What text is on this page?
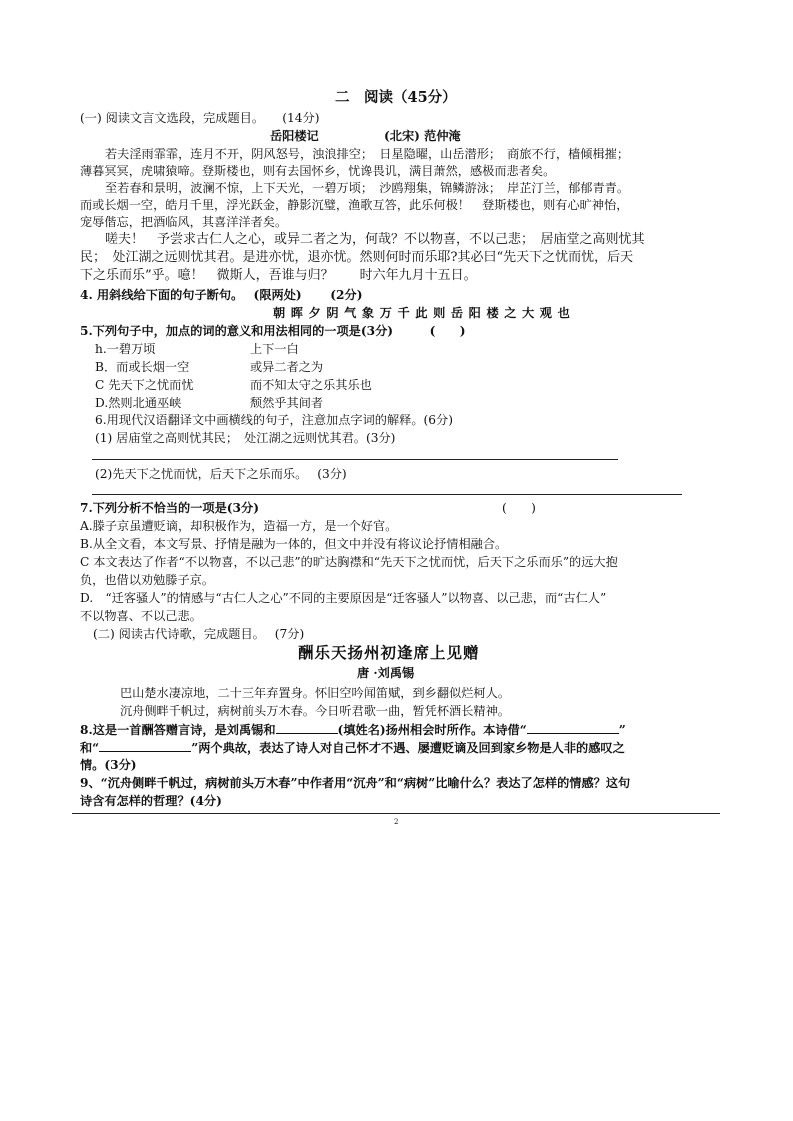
二　阅读（45分）
(一) 阅读文言文选段，完成题目。　　(14分)
岳阳楼记	(北宋) 范仲淹
若夫淫雨霏霏，连月不开，阴风怒号，浊浪排空；　日星隐曜，山岳潜形；　商旅不行，樯倾楫摧；
薄暮冥冥，虎啸猿啼。登斯楼也，则有去国怀乡，忧谗畏讥，满目萧然，感极而悲者矣。
至若春和景明，波澜不惊，上下天光，一碧万顷；　沙鸥翔集，锦鳞游泳；　岸芷汀兰，郁郁青青。
而或长烟一空，皓月千里，浮光跃金，静影沉璧，渔歌互答，此乐何极！　登斯楼也，则有心旷神怡，
宠辱偕忘，把酒临风，其喜洋洋者矣。
嗟夫！　予尝求古仁人之心，或异二者之为，何哉？不以物喜，不以己悲；　居庙堂之高则忧其
民；　处江湖之远则忧其君。是进亦忧，退亦忧。然则何时而乐耶?其必曰“先天下之忧而忧，后天
下之乐而乐”乎。噫！　微斯人，吾谁与归？　　时六年九月十五日。
4. 用斜线给下面的句子断句。　 (限两处)　　 (2分)
朝晖夕阴气象万千此则岳阳楼之大观也
5.下列句子中，加点的词的意义和用法相同的一项是(3分)　　　(　　)
h.一碧万顷	上下一白
B．而或长烟一空	或异二者之为
C 先天下之忧而忧	而不知太守之乐其乐也
D.然则北通巫峡	颓然乎其间者
6.用现代汉语翻译文中画横线的句子，注意加点字词的解释。(6分)
(1) 居庙堂之高则忧其民；　处江湖之远则忧其君。(3分)
(2)先天下之忧而忧，后天下之乐而乐。　 (3分)
7.下列分析不恰当的一项是(3分)	(　　)
A.滕子京虽遭贬谪，却积极作为，造福一方，是一个好官。
B.从全文看，本文写景、抒情是融为一体的，但文中并没有将议论抒情相融合。
C 本文表达了作者“不以物喜，不以己悲”的旷达胸襟和“先天下之忧而忧，后天下之乐而乐”的远大抱
负，也借以劝勉滕子京。
D.　“迁客骚人”的情感与“古仁人之心”不同的主要原因是“迁客骚人”以物喜、以己悲，而“古仁人”
不以物喜、不以己悲。
(二) 阅读古代诗歌，完成题目。　 (7分)
酬乐天扬州初逢席上见赠
唐 ·刘禹锡
巴山楚水凄凉地，二十三年弃置身。怀旧空吟闻笛赋，到乡翻似烂柯人。
沉舟侧畔千帆过，病树前头万木春。今日听君歌一曲，暂凭杯酒长精神。
8.这是一首酬答赠言诗，是刘禹锡和	(填姓名)扬州相会时所作。本诗借“	”
和“	”两个典故，表达了诗人对自己怀才不遇、屡遭贬谪及回到家乡物是人非的感叹之
情。(3分)
9、“沉舟侧畔千帆过，病树前头万木春”中作者用“沉舟”和“病树”比喻什么？表达了怎样的情感？这句
诗含有怎样的哲理？(4分)
2
